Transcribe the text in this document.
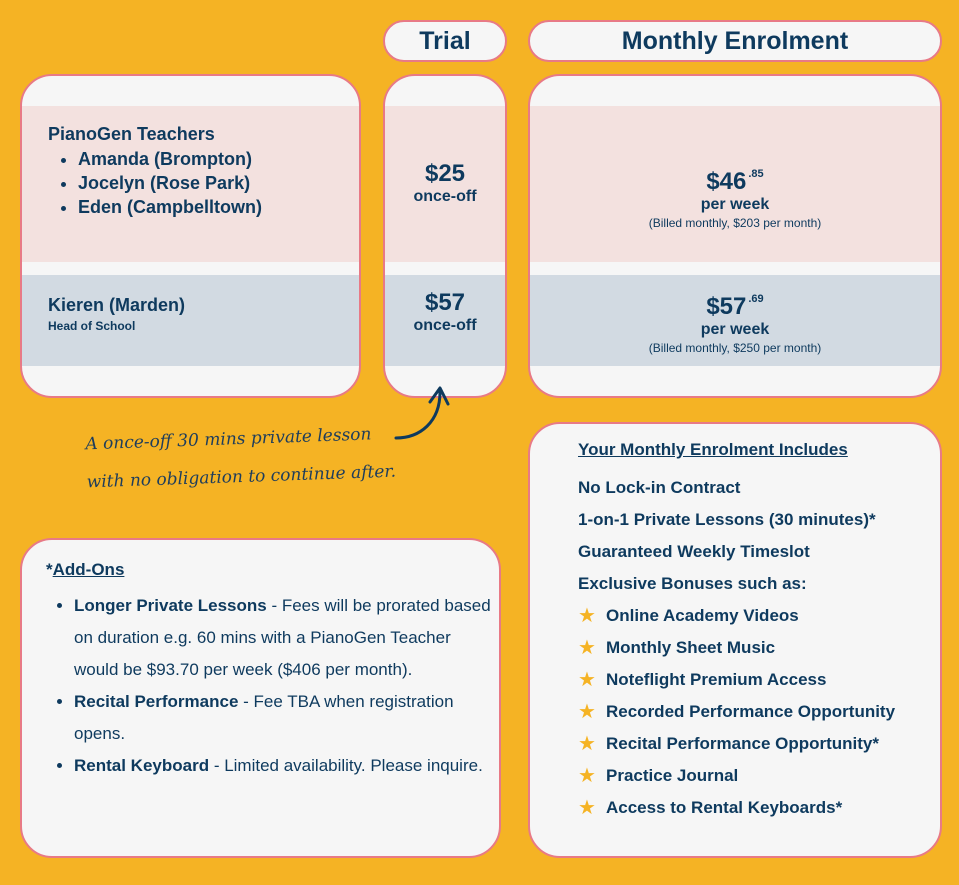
Trial	Monthly Enrolment
PianoGen Teachers
• Amanda (Brompton)
• Jocelyn (Rose Park)
• Eden (Campbelltown)
Kieren (Marden)
Head of School
$25
once-off
$57
once-off
$46 $^{.85}$
per week
(Billed monthly, $203 per month)
$57 $^{.69}$
per week
(Billed monthly, $250 per month)
A once-off 30 mins private lesson
with no obligation to continue after.
*Add-Ons
• Longer Private Lessons - Fees will be prorated based on duration e.g. 60 mins with a PianoGen Teacher would be $93.70 per week ($406 per month).
• Recital Performance - Fee TBA when registration opens.
• Rental Keyboard - Limited availability. Please inquire.
Your Monthly Enrolment Includes
No Lock-in Contract
1-on-1 Private Lessons (30 minutes)*
Guaranteed Weekly Timeslot
Exclusive Bonuses such as:
★ Online Academy Videos
★ Monthly Sheet Music
★ Noteflight Premium Access
★ Recorded Performance Opportunity
★ Recital Performance Opportunity*
★ Practice Journal
★ Access to Rental Keyboards*
